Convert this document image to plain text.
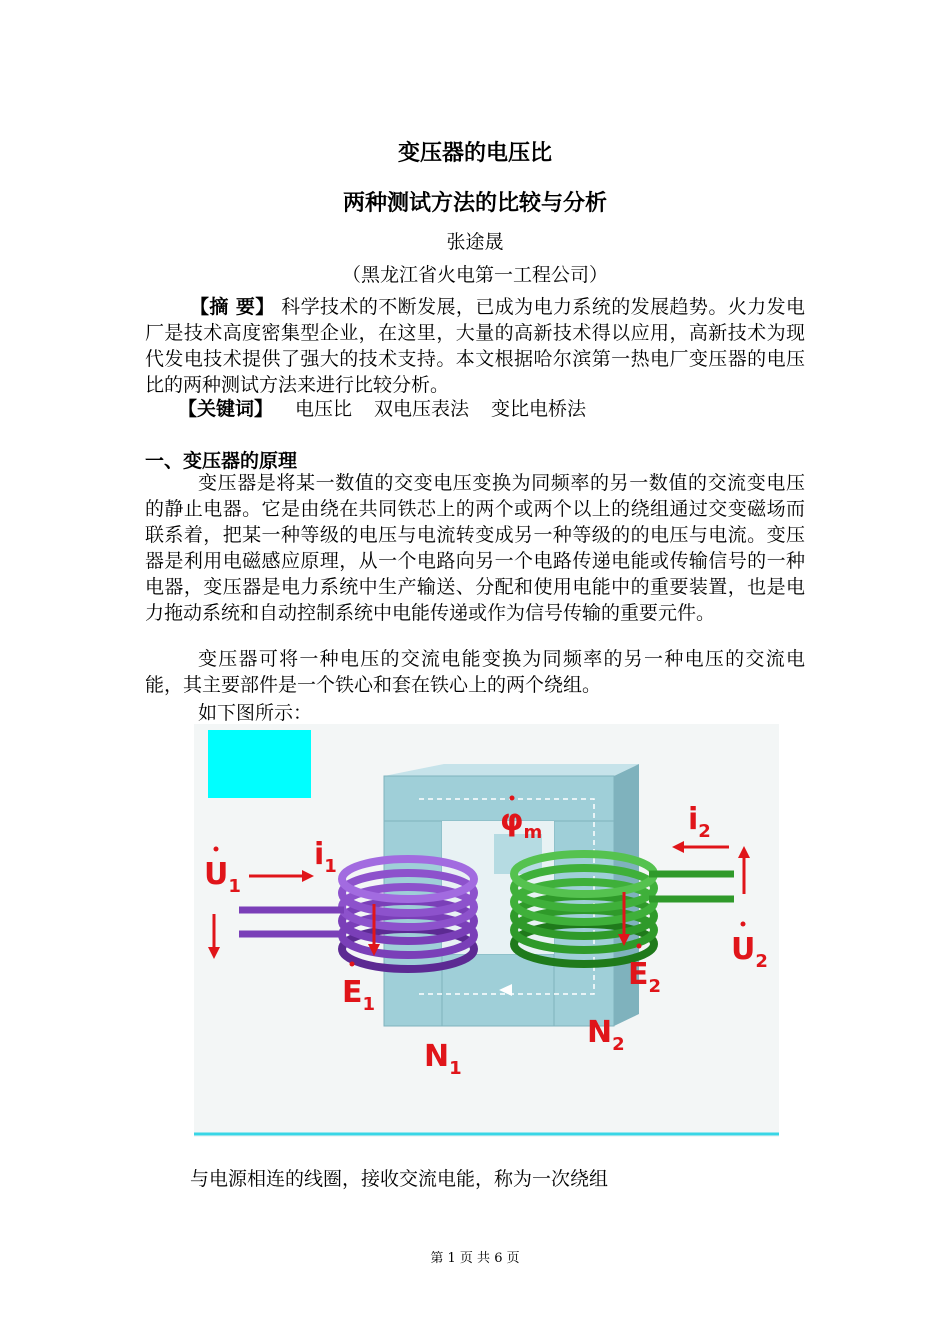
变压器的电压比
两种测试方法的比较与分析
张途晟
（黑龙江省火电第一工程公司）
【摘 要】 科学技术的不断发展，已成为电力系统的发展趋势。火力发电厂是技术高度密集型企业，在这里，大量的高新技术得以应用，高新技术为现代发电技术提供了强大的技术支持。本文根据哈尔滨第一热电厂变压器的电压比的两种测试方法来进行比较分析。
【关键词】 电压比 双电压表法 变比电桥法
一、变压器的原理
变压器是将某一数值的交变电压变换为同频率的另一数值的交流变电压的静止电器。它是由绕在共同铁芯上的两个或两个以上的绕组通过交变磁场而联系着，把某一种等级的电压与电流转变成另一种等级的的电压与电流。变压器是利用电磁感应原理，从一个电路向另一个电路传递电能或传输信号的一种电器，变压器是电力系统中生产输送、分配和使用电能中的重要装置，也是电力拖动系统和自动控制系统中电能传递或作为信号传输的重要元件。
变压器可将一种电压的交流电能变换为同频率的另一种电压的交流电能，其主要部件是一个铁心和套在铁心上的两个绕组。
如下图所示：
$U_1$
$i_1$
$\varphi_m$	$i_2$
$U_2$
$E_1$
$E_2$
$N_1$
$N_2$
与电源相连的线圈，接收交流电能，称为一次绕组
第 1 页 共 6 页
